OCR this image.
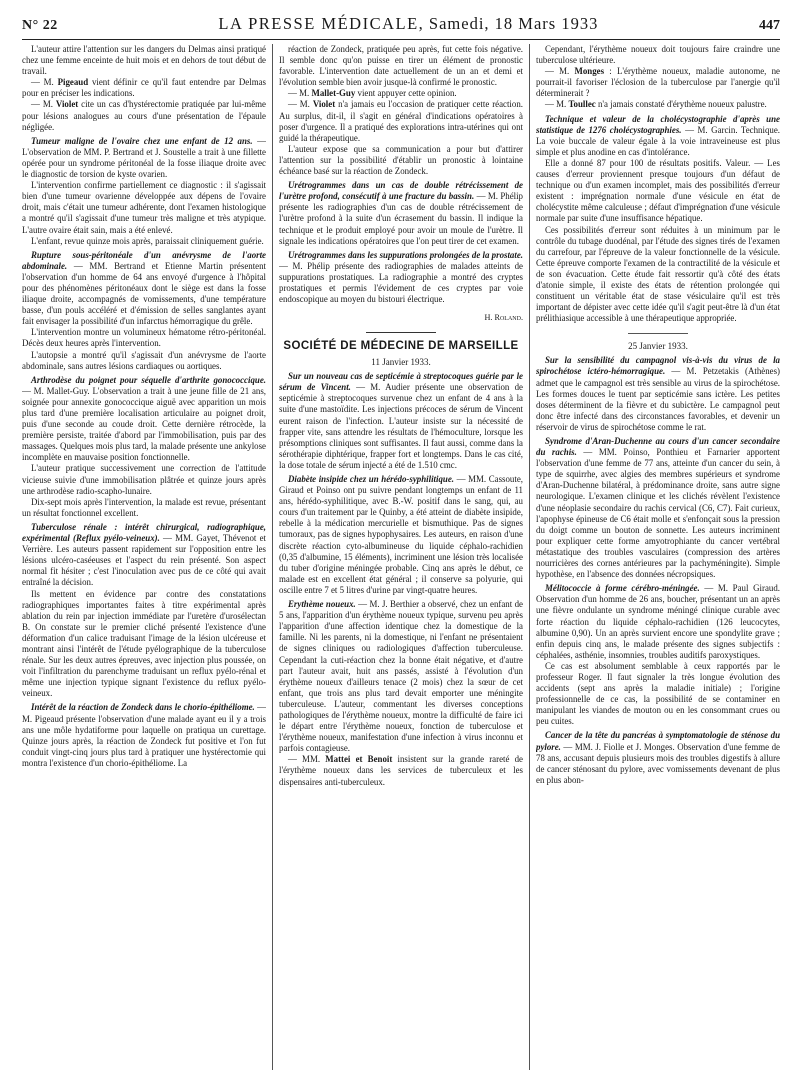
N° 22	LA PRESSE MÉDICALE, Samedi, 18 Mars 1933	447

L'auteur attire l'attention sur les dangers du Delmas ainsi pratiqué chez une femme enceinte de huit mois et en dehors de tout début de travail.

— M. Pigeaud vient définir ce qu'il faut entendre par Delmas pour en préciser les indications.

— M. Violet cite un cas d'hystérectomie pratiquée par lui-même pour lésions analogues au cours d'une présentation de l'épaule négligée.

Tumeur maligne de l'ovaire chez une enfant de 12 ans. — L'observation de MM. P. Bertrand et J. Soustelle a trait à une fillette opérée pour un syndrome péritonéal de la fosse iliaque droite avec le diagnostic de torsion de kyste ovarien.

L'intervention confirme partiellement ce diagnostic : il s'agissait bien d'une tumeur ovarienne développée aux dépens de l'ovaire droit, mais c'était une tumeur adhérente, dont l'examen histologique a montré qu'il s'agissait d'une tumeur très maligne et très atypique. L'autre ovaire était sain, mais a été enlevé.

L'enfant, revue quinze mois après, paraissait cliniquement guérie.

Rupture sous-péritonéale d'un anévrysme de l'aorte abdominale. — MM. Bertrand et Etienne Martin présentent l'observation d'un homme de 64 ans envoyé d'urgence à l'hôpital pour des phénomènes péritonéaux dont le siège est dans la fosse iliaque droite, accompagnés de vomissements, d'une température basse, d'un pouls accéléré et d'émission de selles sanglantes ayant fait envisager la possibilité d'un infarctus hémorragique du grêle.

L'intervention montre un volumineux hématome rétro-péritonéal. Décès deux heures après l'intervention.

L'autopsie a montré qu'il s'agissait d'un anévrysme de l'aorte abdominale, sans autres lésions cardiaques ou aortiques.

Arthrodèse du poignet pour séquelle d'arthrite gonococcique. — M. Mallet-Guy. L'observation a trait à une jeune fille de 21 ans, soignée pour annexite gonococcique aiguë avec apparition un mois plus tard d'une première localisation articulaire au poignet droit, puis d'une seconde au coude droit. Cette dernière rétrocède, la première persiste, traitée d'abord par l'immobilisation, puis par des massages. Quelques mois plus tard, la malade présente une ankylose incomplète en mauvaise position fonctionnelle.

L'auteur pratique successivement une correction de l'attitude vicieuse suivie d'une immobilisation plâtrée et quinze jours après une arthrodèse radio-scapho-lunaire.

Dix-sept mois après l'intervention, la malade est revue, présentant un résultat fonctionnel excellent.

Tuberculose rénale : intérêt chirurgical, radiographique, expérimental (Reflux pyélo-veineux). — MM. Gayet, Thévenot et Verrière. Les auteurs passent rapidement sur l'opposition entre les lésions ulcéro-caséeuses et l'aspect du rein présenté. Son aspect normal fit hésiter ; c'est l'inoculation avec pus de ce côté qui avait entraîné la décision.

Ils mettent en évidence par contre des constatations radiographiques importantes faites à titre expérimental après ablation du rein par injection immédiate par l'uretère d'urosélectan B. On constate sur le premier cliché présenté l'existence d'une déformation d'un calice traduisant l'image de la lésion ulcéreuse et montrant ainsi l'intérêt de l'étude pyélographique de la tuberculose rénale. Sur les deux autres épreuves, avec injection plus poussée, on voit l'infiltration du parenchyme traduisant un reflux pyélo-rénal et même une injection typique signant l'existence du reflux pyélo-veineux.

Intérêt de la réaction de Zondeck dans le chorio-épithéliome. — M. Pigeaud présente l'observation d'une malade ayant eu il y a trois ans une môle hydatiforme pour laquelle on pratiqua un curettage. Quinze jours après, la réaction de Zondeck fut positive et l'on fut conduit vingt-cinq jours plus tard à pratiquer une hystérectomie qui montra l'existence d'un chorio-épithéliome. La

réaction de Zondeck, pratiquée peu après, fut cette fois négative. Il semble donc qu'on puisse en tirer un élément de pronostic favorable. L'intervention date actuellement de un an et demi et l'évolution semble bien avoir jusque-là confirmé le pronostic.

— M. Mallet-Guy vient appuyer cette opinion.

— M. Violet n'a jamais eu l'occasion de pratiquer cette réaction. Au surplus, dit-il, il s'agit en général d'indications opératoires à poser d'urgence. Il a pratiqué des explorations intra-utérines qui ont guidé la thérapeutique.

L'auteur expose que sa communication a pour but d'attirer l'attention sur la possibilité d'établir un pronostic à lointaine échéance basé sur la réaction de Zondeck.

Urétrogrammes dans un cas de double rétrécissement de l'urètre profond, consécutif à une fracture du bassin. — M. Phélip présente les radiographies d'un cas de double rétrécissement de l'urètre profond à la suite d'un écrasement du bassin. Il indique la technique et le produit employé pour avoir un moule de l'urètre. Il signale les indications opératoires que l'on peut tirer de cet examen.

Urétrogrammes dans les suppurations prolongées de la prostate. — M. Phélip présente des radiographies de malades atteints de suppurations prostatiques. La radiographie a montré des cryptes prostatiques et permis l'évidement de ces cryptes par voie endoscopique au moyen du bistouri électrique.

H. Roland.
SOCIÉTÉ DE MÉDECINE DE MARSEILLE
11 Janvier 1933.

Sur un nouveau cas de septicémie à streptocoques guérie par le sérum de Vincent. — M. Audier présente une observation de septicémie à streptocoques survenue chez un enfant de 4 ans à la suite d'une mastoïdite. Les injections précoces de sérum de Vincent eurent raison de l'infection. L'auteur insiste sur la nécessité de frapper vite, sans attendre les résultats de l'hémoculture, lorsque les présomptions cliniques sont suffisantes. Il faut aussi, comme dans la sérothérapie diphtérique, frapper fort et longtemps. Dans le cas cité, la dose totale de sérum injecté a été de 1.510 cmc.

Diabète insipide chez un hérédo-syphilitique. — MM. Cassoute, Giraud et Poinso ont pu suivre pendant longtemps un enfant de 11 ans, hérédo-syphilitique, avec B.-W. positif dans le sang, qui, au cours d'un traitement par le Quinby, a été atteint de diabète insipide, rebelle à la médication mercurielle et bismuthique. Pas de signes tumoraux, pas de signes hypophysaires. Les auteurs, en raison d'une discrète réaction cyto-albumineuse du liquide céphalo-rachidien (0,35 d'albumine, 15 éléments), incriminent une lésion très localisée du tuber d'origine méningée probable. Cinq ans après le début, ce malade est en excellent état général ; il conserve sa polyurie, qui oscille entre 7 et 5 litres d'urine par vingt-quatre heures.

Erythème noueux. — M. J. Berthier a observé, chez un enfant de 5 ans, l'apparition d'un érythème noueux typique, survenu peu après l'apparition d'une affection identique chez la domestique de la famille. Ni les parents, ni la domestique, ni l'enfant ne présentaient de signes cliniques ou radiologiques d'affection tuberculeuse. Cependant la cuti-réaction chez la bonne était négative, et d'autre part l'auteur avait, huit ans passés, assisté à l'évolution d'un érythème noueux d'ailleurs tenace (2 mois) chez la sœur de cet enfant, que trois ans plus tard devait emporter une méningite tuberculeuse. L'auteur, commentant les diverses conceptions pathologiques de l'érythème noueux, montre la difficulté de faire ici le départ entre l'érythème noueux, fonction de tuberculose et l'érythème noueux, manifestation d'une infection à virus inconnu et parfois contagieuse.

— MM. Mattei et Benoit insistent sur la grande rareté de l'érythème noueux dans les services de tuberculeux et les dispensaires anti-tuberculeux.

Cependant, l'érythème noueux doit toujours faire craindre une tuberculose ultérieure.

— M. Monges : L'érythème noueux, maladie autonome, ne pourrait-il favoriser l'éclosion de la tuberculose par l'anergie qu'il déterminerait ?

— M. Toullec n'a jamais constaté d'érythème noueux palustre.

Technique et valeur de la cholécystographie d'après une statistique de 1276 cholécystographies. — M. Garcin. Technique. La voie buccale de valeur égale à la voie intraveineuse est plus simple et plus anodine en cas d'intolérance.

Elle a donné 87 pour 100 de résultats positifs. Valeur. — Les causes d'erreur proviennent presque toujours d'un défaut de technique ou d'un examen incomplet, mais des possibilités d'erreur existent : imprégnation normale d'une vésicule en état de cholécystite même calculeuse ; défaut d'imprégnation d'une vésicule normale par suite d'une insuffisance hépatique.

Ces possibilités d'erreur sont réduites à un minimum par le contrôle du tubage duodénal, par l'étude des signes tirés de l'examen du carrefour, par l'épreuve de la valeur fonctionnelle de la vésicule. Cette épreuve comporte l'examen de la contractilité de la vésicule et de son évacuation. Cette étude fait ressortir qu'à côté des états d'atonie simple, il existe des états de rétention prolongée qui constituent un véritable état de stase vésiculaire qu'il est très important de dépister avec cette idée qu'il s'agit peut-être là d'un état prélithiasique accessible à une thérapeutique appropriée.

25 Janvier 1933.

Sur la sensibilité du campagnol vis-à-vis du virus de la spirochétose ictéro-hémorragique. — M. Petzetakis (Athènes) admet que le campagnol est très sensible au virus de la spirochétose. Les formes douces le tuent par septicémie sans ictère. Les petites doses déterminent de la fièvre et du subictère. Le campagnol peut donc être infecté dans des circonstances favorables, et devenir un réservoir de virus de spirochétose comme le rat.

Syndrome d'Aran-Duchenne au cours d'un cancer secondaire du rachis. — MM. Poinso, Ponthieu et Farnarier apportent l'observation d'une femme de 77 ans, atteinte d'un cancer du sein, à type de squirrhe, avec algies des membres supérieurs et syndrome d'Aran-Duchenne bilatéral, à prédominance droite, sans autre signe neurologique. L'examen clinique et les clichés révèlent l'existence d'une néoplasie secondaire du rachis cervical (C6, C7). Fait curieux, l'apophyse épineuse de C6 était molle et s'enfonçait sous la pression du doigt comme un bouton de sonnette. Les auteurs incriminent pour expliquer cette forme amyotrophiante du cancer vertébral métastatique des troubles vasculaires (compression des artères nourricières des cornes antérieures par la pachyméningite). Simple hypothèse, en l'absence des données nécropsiques.

Mélitococcie à forme cérébro-méningée. — M. Paul Giraud. Observation d'un homme de 26 ans, boucher, présentant un an après une fièvre ondulante un syndrome méningé clinique curable avec forte réaction du liquide céphalo-rachidien (126 leucocytes, albumine 0,90). Un an après survient encore une spondylite grave ; enfin depuis cinq ans, le malade présente des signes subjectifs : céphalées, asthénie, insomnies, troubles auditifs paroxystiques.

Ce cas est absolument semblable à ceux rapportés par le professeur Roger. Il faut signaler la très longue évolution des accidents (sept ans après la maladie initiale) ; l'origine professionnelle de ce cas, la possibilité de se contaminer en manipulant les viandes de mouton ou en les consommant crues ou peu cuites.

Cancer de la tête du pancréas à symptomatologie de sténose du pylore. — MM. J. Fiolle et J. Monges. Observation d'une femme de 78 ans, accusant depuis plusieurs mois des troubles digestifs à allure de cancer sténosant du pylore, avec vomissements devenant de plus en plus abon-
